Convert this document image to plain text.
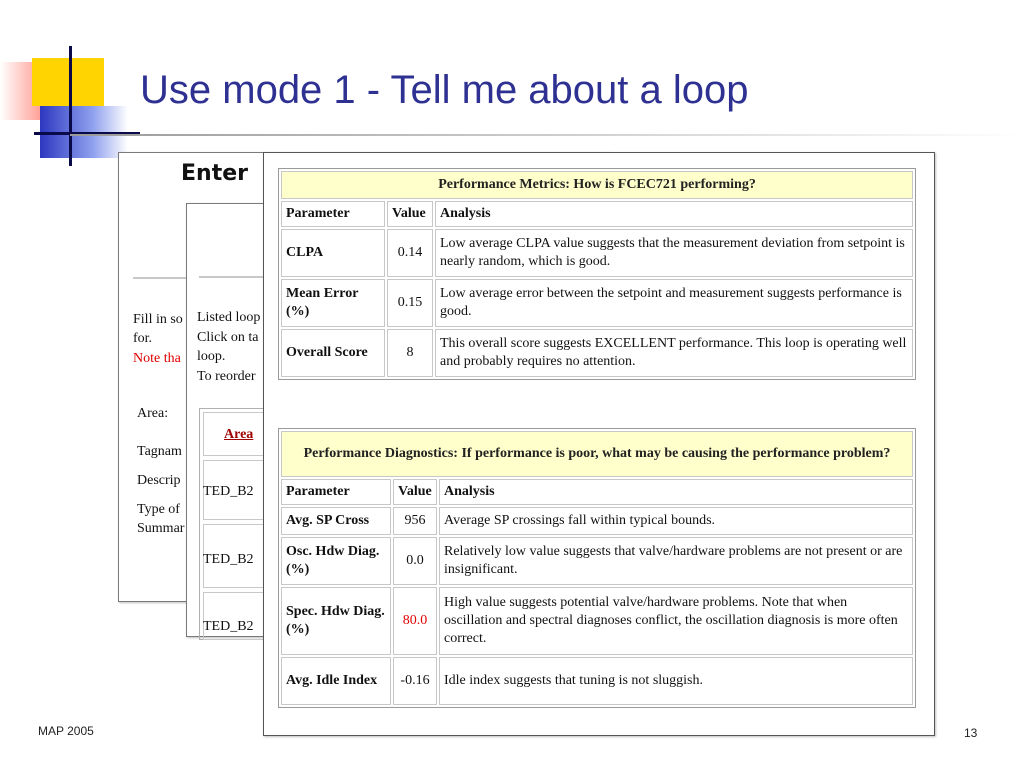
Use mode 1 - Tell me about a loop
Enter
Fill in so
for.
Note tha
Area:
Tagnam
Descrip
Type of
Summar
Listed loop
Click on ta
loop.
To reorder
Area
TED_B2
TED_B2
TED_B2
Performance Metrics: How is FCEC721 performing?		
Parameter	Value	Analysis
CLPA	0.14	Low average CLPA value suggests that the measurement deviation from setpoint is nearly random, which is good.
Mean Error (%)	0.15	Low average error between the setpoint and measurement suggests performance is good.
Overall Score	8	This overall score suggests EXCELLENT performance. This loop is operating well and probably requires no attention.
Performance Diagnostics: If performance is poor, what may be causing the performance problem?		
Parameter	Value	Analysis
Avg. SP Cross	956	Average SP crossings fall within typical bounds.
Osc. Hdw Diag. (%)	0.0	Relatively low value suggests that valve/hardware problems are not present or are insignificant.
Spec. Hdw Diag. (%)	80.0	High value suggests potential valve/hardware problems. Note that when oscillation and spectral diagnoses conflict, the oscillation diagnosis is more often correct.
Avg. Idle Index	-0.16	Idle index suggests that tuning is not sluggish.
MAP 2005	13
